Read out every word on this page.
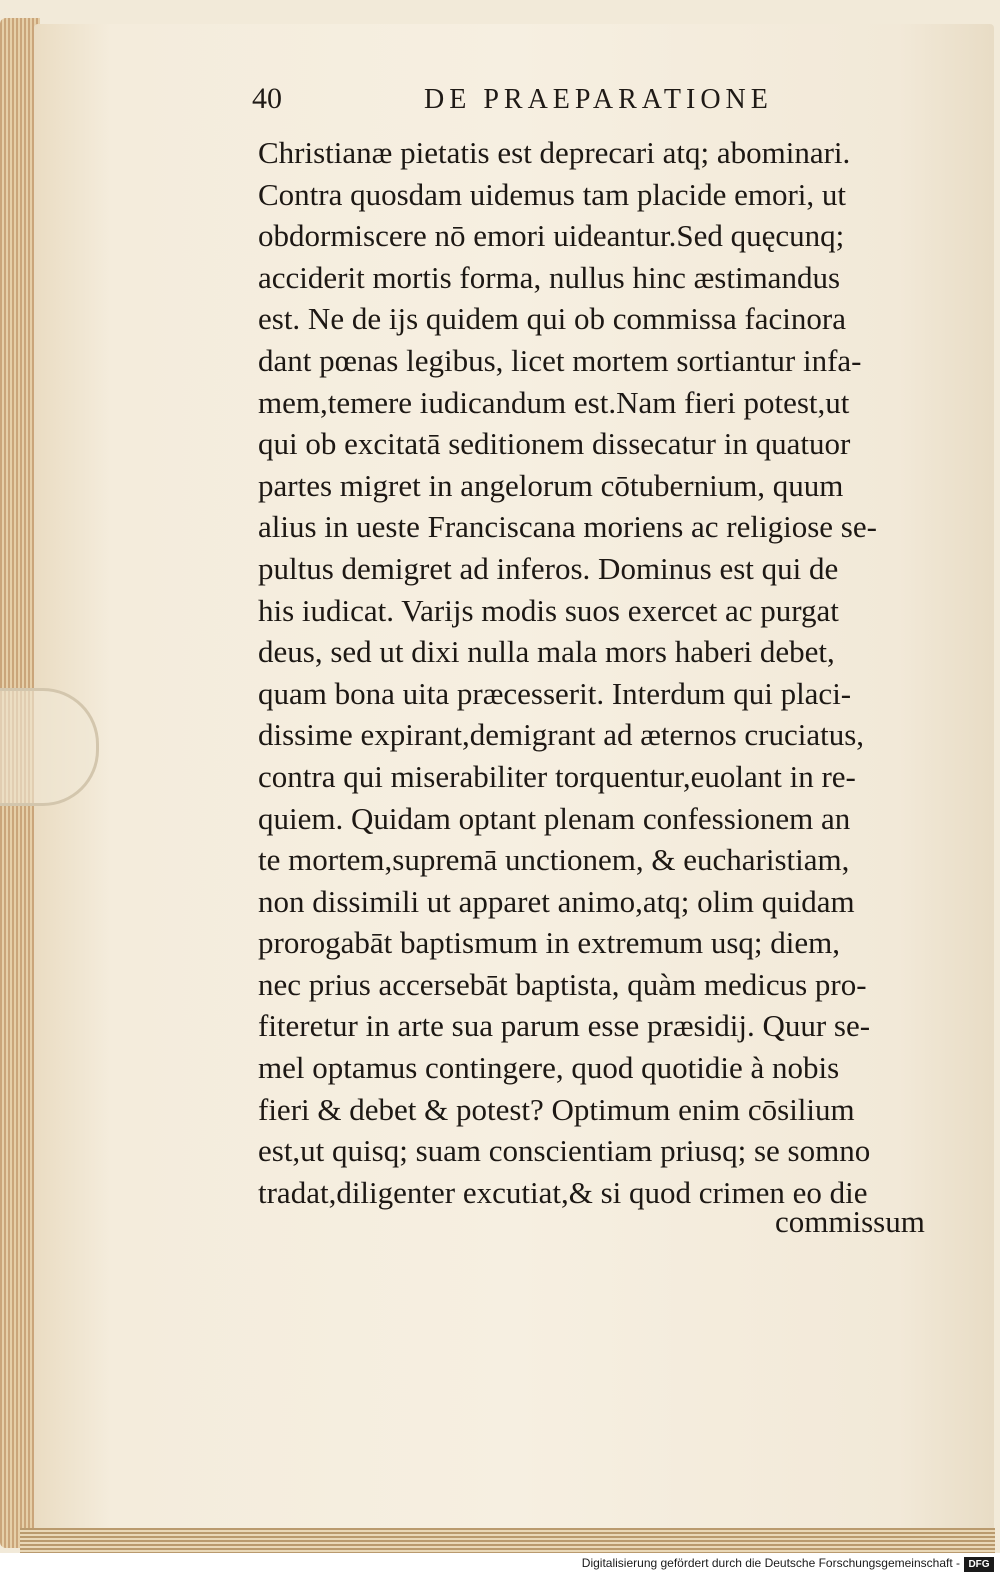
40	DE PRAEPARATIONE
Christianæ pietatis est deprecari atq; abominari.
Contra quosdam uidemus tam placide emori, ut
obdormiscere nō emori uideantur.Sed quęcunq;
acciderit mortis forma, nullus hinc æstimandus
est. Ne de ijs quidem qui ob commissa facinora
dant pœnas legibus, licet mortem sortiantur infa-
mem,temere iudicandum est.Nam fieri potest,ut
qui ob excitatā seditionem dissecatur in quatuor
partes migret in angelorum cōtubernium, quum
alius in ueste Franciscana moriens ac religiose se-
pultus demigret ad inferos. Dominus est qui de
his iudicat. Varijs modis suos exercet ac purgat
deus, sed ut dixi nulla mala mors haberi debet,
quam bona uita præcesserit. Interdum qui placi-
dissime expirant,demigrant ad æternos cruciatus,
contra qui miserabiliter torquentur,euolant in re-
quiem. Quidam optant plenam confessionem an
te mortem,supremā unctionem, & eucharistiam,
non dissimili ut apparet animo,atq; olim quidam
prorogabāt baptismum in extremum usq; diem,
nec prius accersebāt baptista, quàm medicus pro-
fiteretur in arte sua parum esse præsidij. Quur se-
mel optamus contingere, quod quotidie à nobis
fieri & debet & potest? Optimum enim cōsilium
est,ut quisq; suam conscientiam priusq; se somno
tradat,diligenter excutiat,& si quod crimen eo die
commissum
Digitalisierung gefördert durch die Deutsche Forschungsgemeinschaft - DFG
